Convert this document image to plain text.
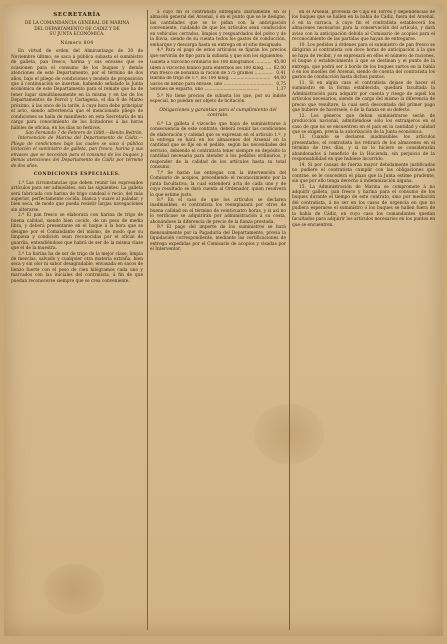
SECRETARÍA
DE LA COMANDANCIA GENERAL DE MARINA
DEL DEPARTAMENTO DE CÁDIZ Y DE
SU JUNTA ECONÓMICA.
Número 804

En virtud de orden del Almirantazgo de 30 de Noviembre último, se saca á pública subasta el suministro de galleta, pan fresco, harina y sus envases que se ocasionen para el consumo de los buques y demás atenciones de este Departamento, por el término de dos años, bajo el pliego de condiciones y modelo de proposición que á continuación se insertan, habiendo señalado la Junta económica de este Departamento para el remate que ha de tener lugar simultáneamente en la misma y en las de los Departamentos de Ferrol y Cartagena, el dia 6 de Marzo próximo, á las once de la tarde, á cuya hora debe principiar el acto, siendo advertencia que el mencionado pliego de condiciones se halla de manifiesto en esta Secretaría de mi cargo para conocimiento de los licitadores á las horas hábiles de oficina, en los días no festivos.

San Fernando 7 de Febrero de 1880.—Benito Beltrán.

Intervención de Marina del Departamento de Cádiz.—Pliego de condiciones bajo las cuales se saca á pública licitación el suministro de galleta, pan fresco, harina y sus envases que se necesitan para el consumo de los buques y demás atenciones del Departamento de Cádiz por término de dos años.

CONDICIONES ESPECIALES.

1.ª Las circunstancias que deben reunir los expresados artículos para ser admisibles, son las siguientes: La galleta será fabricada con harina de trigo candeal ó recio, del más superior, perfectamente cocida, blanca y suave al paladar, y bien seca, de modo que pueda resistir largas navegaciones sin alterarse.

2.ª El pan fresco se elaborará con harina de trigo de buena calidad, siendo bien cocido, de un peso de media libra, y deberá presentarse en el buque á la hora que se designe por el Comandante del mismo, de modo que su limpieza y condición sean reconocidas por el oficial de guardia, entendiéndose que habrá de ser de la misma clase que el de la muestra.

3.ª La harina ha de ser de trigo de la mejor clase, limpia de mezclas, salvado y cualquier otra materia extraña, bien seca y sin olor ni sabor desagradable, envasada en sacos de lienzo fuerte con el peso de cien kilógramos cada uno y marcados con las iniciales del contratista, á fin de que puedan reconocerse siempre que se crea conveniente.

á cuyo fin el contratista entregará diariamente en el almacén general del Arsenal, ó en el punto que se le designe, las cantidades que se le pidan con la anticipación conveniente, cuidando de que los artículos sean conducidos en vehículos cerrados, limpios y resguardados del polvo y de la lluvia, siendo de su cuenta todos los gastos de conducción, embarque y descarga hasta su entrega en el sitio designado.

4.ª Para el pago de estos artículos se fijarán los precios que servirán de tipo para la subasta y que son los siguientes:

Galleta á vizcocho ordinario los 100 kilógramos .....	45,00
Idem á vizcocho blanco para enfermos los 100 kilóg. .....	62,00
Pan fresco de bonanza la ración de 575 gramos .....	0,41
Harina de trigo de 1.ª, los 100 kilóg. .....	44,00
Sacos de lienzo para envase, uno .....	0,75
Sérones de esparto, uno .....	1,37

5.ª No tiene precios de subasta los que, por su índole especial, no puedan ser objeto de licitación.

Obligaciones y garantías para el cumplimiento del contrato.

6.ª La galleta ó vizcocho que haya de suministrarse á consecuencia de este contrato, deberá reunir las condiciones de elaboración y calidad que se expresan en el artículo 1.º, y la entrega se hará en los almacenes del Arsenal en la cantidad que se fije en el pedido, según las necesidades del servicio, debiendo el contratista tener siempre en depósito la cantidad necesaria para atender á los pedidos ordinarios, y responder de la calidad de los artículos hasta su total consumo.

7.ª Se harán las entregas con la intervención del Comisario de acopios, precediendo el reconocimiento por la junta facultativa, la cual extenderá acta de cada uno y de cuyo resultado se dará cuenta al Ordenador, quien resolverá lo que estime justo.

8.ª En el caso de que los artículos se declaren inadmisibles, el contratista los reemplazará por otros de buena calidad en el término de veinticuatro horas, y si así no lo verificase se adquirirán por administración á su costa, abonándose la diferencia de precio de la fianza prestada.

9.ª El pago del importe de los suministros se hará mensualmente por la Pagaduría del Departamento, previa la liquidación correspondiente, mediante las certificaciones de entrega expedidas por el Comisario de acopios y visadas por el Interventor.

en el Arsenal, proveída de Caja en Torres y dependencias de los buques que se hallen en la bahía de Cádiz, fuera del Arsenal, ó en la carraca, á cuyo fin el contratista establecerá los almacenes necesarios para la conservación del artículo, y dará aviso con la anticipación debida al Comisario de acopios para el reconocimiento de las partidas que hayan de entregarse.

10. Los pedidos á órdenes para el suministro de pan fresco se dirigirán al contratista con doce horas de anticipación á la que se haya de recibir, y se expresará en ellos el número de raciones, el buque ó establecimiento á que se destinan y el punto de la entrega, que podrá ser á bordo de los buques surtos en la bahía ó en los muelles del Arsenal, siendo de cuenta del contratista los gastos de conducción hasta dichos puntos.

11. Si en algún caso el contratista dejase de hacer el suministro en la forma establecida, quedará facultada la Administración para adquirir por cuenta y riesgo de aquél los artículos necesarios, siendo de cargo del mismo la diferencia de precio que resultare, la cual será descontada del primer pago que hubiere de hacérsele, ó de la fianza en su defecto.

12. Los géneros que deban suministrarse serán de producción nacional, admitiéndose sólo los extranjeros en el caso de que no se encuentren en el país en la cantidad y calidad que se exigen, previa la autorización de la Junta económica.

13. Cuando se declaren inadmisibles los artículos presentados, el contratista los retirará de los almacenes en el término de tres días, y si no lo hiciere se considerarán abandonados á beneficio de la Hacienda, sin perjuicio de la responsabilidad en que hubiese incurrido.

14. Si por causas de fuerza mayor debidamente justificadas no pudiere el contratista cumplir con las obligaciones que contrae, se le concederá el plazo que la Junta estime prudente, sin que por ello tenga derecho á indemnización alguna.

15. La Administración de Marina se compromete á no adquirir galleta, pan fresco y harina para el consumo de los buques durante el tiempo de este contrato, sino por mediación del contratista, á no ser en los casos de urgencia en que no pudiera esperarse el suministro ó los buques se hallen fuera de la bahía de Cádiz, en cuyo caso los comandantes quedan facultados para adquirir los artículos necesarios en los puntos en que se encuentren.
